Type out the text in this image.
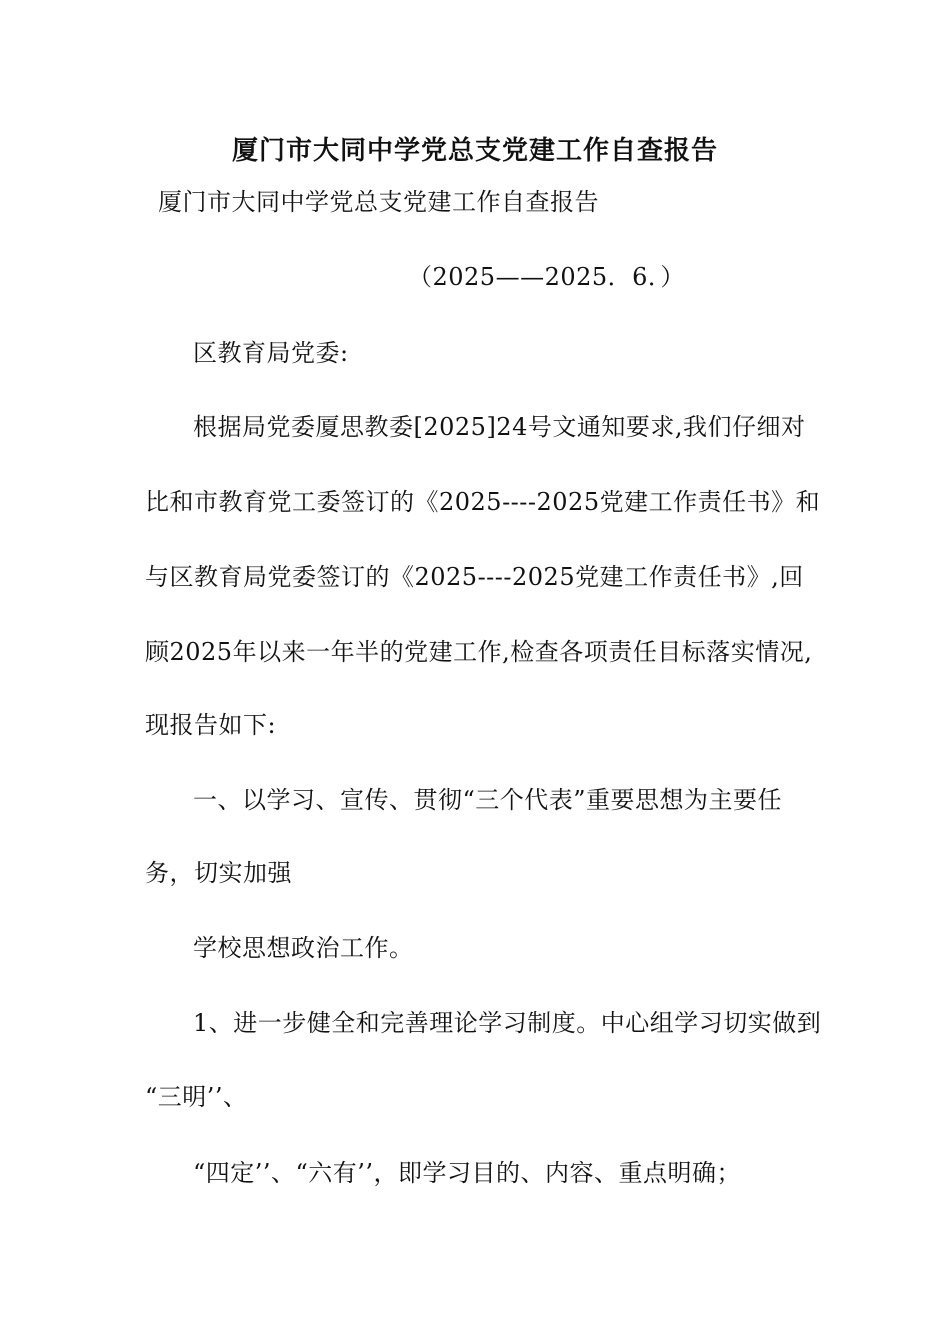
厦门市大同中学党总支党建工作自查报告
厦门市大同中学党总支党建工作自查报告
（2025——2025．6．）
区教育局党委:
根据局党委厦思教委[2025]24号文通知要求,我们仔细对
比和市教育党工委签订的《2025----2025党建工作责任书》和
与区教育局党委签订的《2025----2025党建工作责任书》,回
顾2025年以来一年半的党建工作,检查各项责任目标落实情况,
现报告如下:
一、以学习、宣传、贯彻“三个代表”重要思想为主要任
务，切实加强
学校思想政治工作。
1、进一步健全和完善理论学习制度。中心组学习切实做到
“三明’’、
“四定’’、“六有’’，即学习目的、内容、重点明确；
